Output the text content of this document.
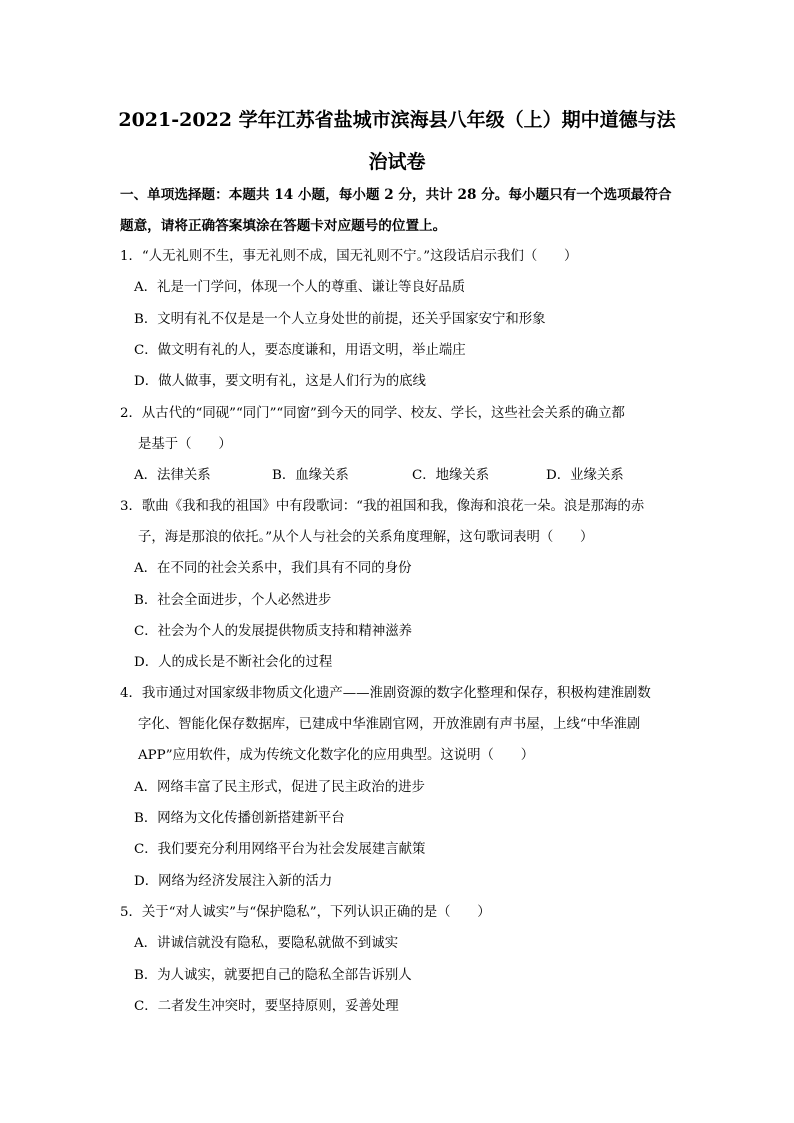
2021-2022 学年江苏省盐城市滨海县八年级（上）期中道德与法
治试卷
一、单项选择题：本题共 14 小题，每小题 2 分，共计 28 分。每小题只有一个选项最符合题意，请将正确答案填涂在答题卡对应题号的位置上。
1．“人无礼则不生，事无礼则不成，国无礼则不宁。”这段话启示我们（　　）
A．礼是一门学问，体现一个人的尊重、谦让等良好品质
B．文明有礼不仅是是一个人立身处世的前提，还关乎国家安宁和形象
C．做文明有礼的人，要态度谦和，用语文明，举止端庄
D．做人做事，要文明有礼，这是人们行为的底线
2．从古代的“同砚”“同门”“同窗”到今天的同学、校友、学长，这些社会关系的确立都
是基于（　　）
A．法律关系	B．血缘关系	C．地缘关系	D．业缘关系
3．歌曲《我和我的祖国》中有段歌词：“我的祖国和我，像海和浪花一朵。浪是那海的赤
子，海是那浪的依托。”从个人与社会的关系角度理解，这句歌词表明（　　）
A．在不同的社会关系中，我们具有不同的身份
B．社会全面进步，个人必然进步
C．社会为个人的发展提供物质支持和精神滋养
D．人的成长是不断社会化的过程
4．我市通过对国家级非物质文化遗产——淮剧资源的数字化整理和保存，积极构建淮剧数
字化、智能化保存数据库，已建成中华淮剧官网，开放淮剧有声书屋，上线“中华淮剧
APP”应用软件，成为传统文化数字化的应用典型。这说明（　　）
A．网络丰富了民主形式，促进了民主政治的进步
B．网络为文化传播创新搭建新平台
C．我们要充分利用网络平台为社会发展建言献策
D．网络为经济发展注入新的活力
5．关于“对人诚实”与“保护隐私”，下列认识正确的是（　　）
A．讲诚信就没有隐私，要隐私就做不到诚实
B．为人诚实，就要把自己的隐私全部告诉别人
C．二者发生冲突时，要坚持原则，妥善处理
